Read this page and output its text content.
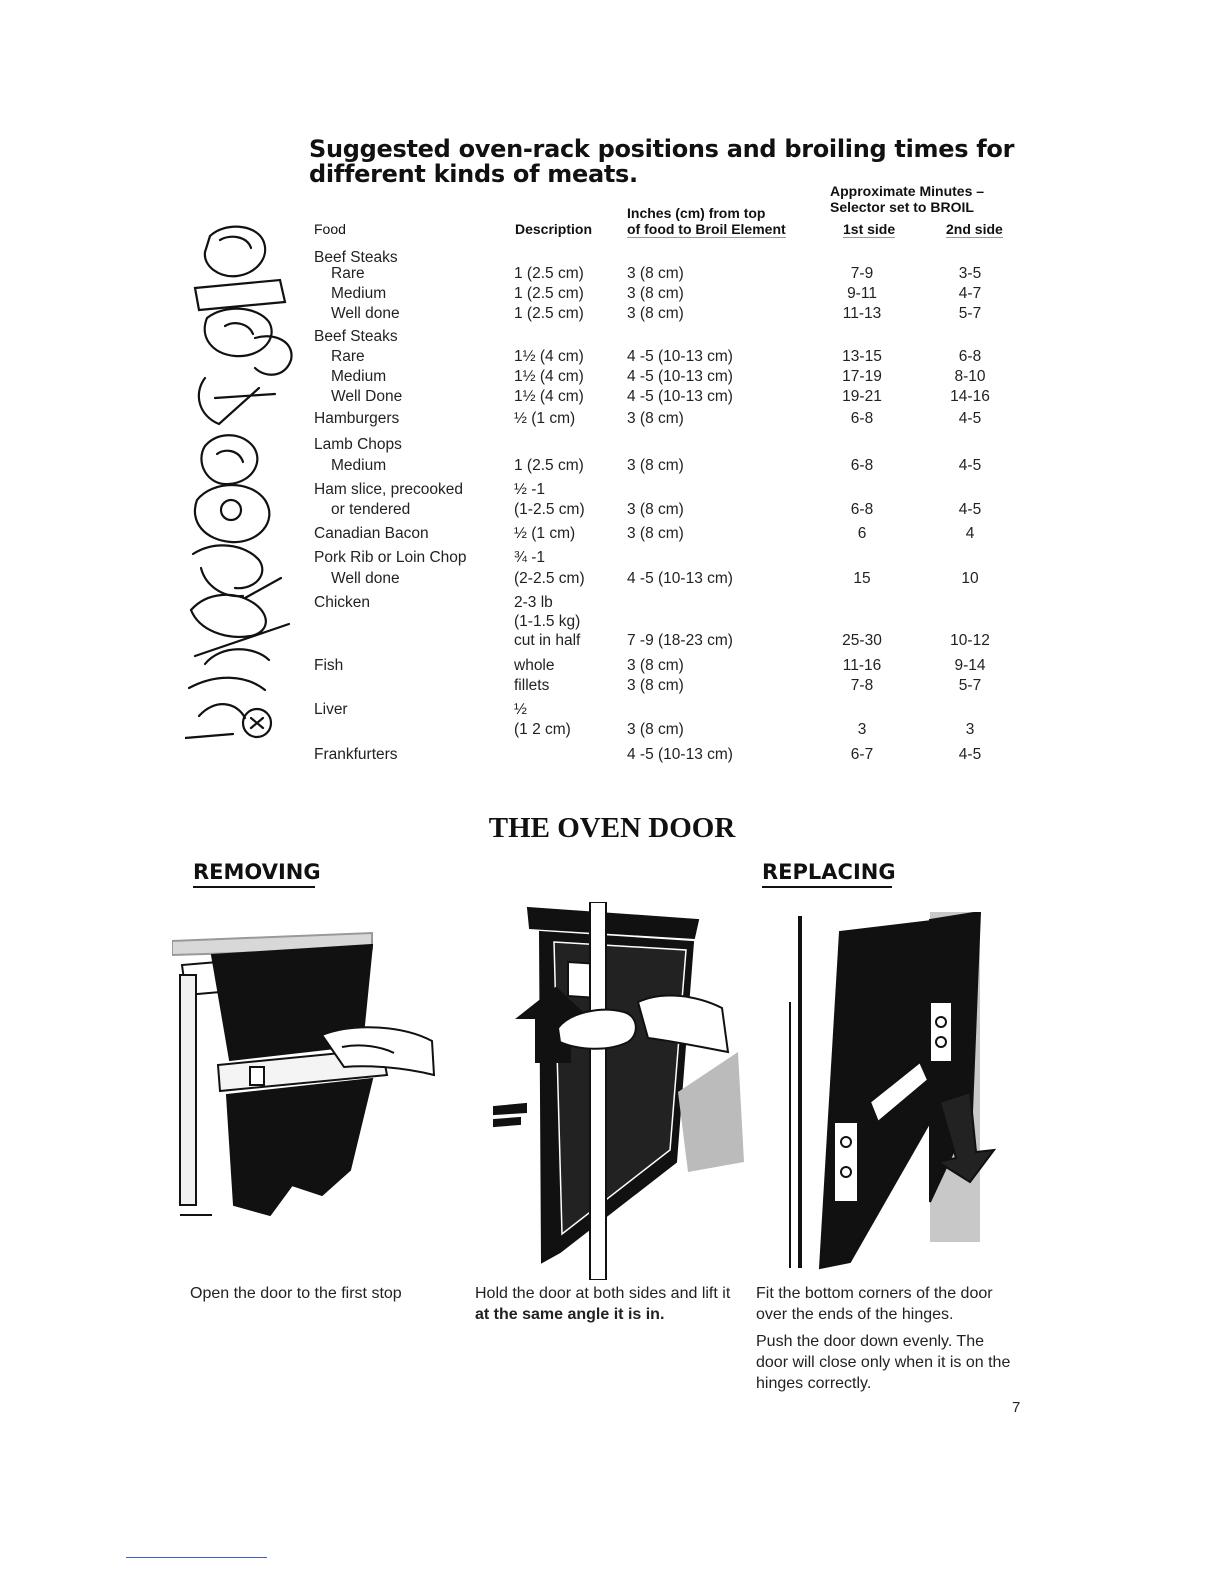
Suggested oven-rack positions and broiling times for different kinds of meats.
Approximate Minutes –
Selector set to BROIL
Inches (cm) from top
of food to Broil Element
Food	Description	1st side	2nd side
Beef Steaks
Rare	1 (2.5 cm)	3 (8 cm)	7-9	3-5
Medium	1 (2.5 cm)	3 (8 cm)	9-11	4-7
Well done	1 (2.5 cm)	3 (8 cm)	11-13	5-7
Beef Steaks
Rare	1½ (4 cm)	4 -5 (10-13 cm)	13-15	6-8
Medium	1½ (4 cm)	4 -5 (10-13 cm)	17-19	8-10
Well Done	1½ (4 cm)	4 -5 (10-13 cm)	19-21	14-16
Hamburgers	½ (1 cm)	3 (8 cm)	6-8	4-5
Lamb Chops
Medium	1 (2.5 cm)	3 (8 cm)	6-8	4-5
Ham slice, precooked	½ -1
or tendered	(1-2.5 cm)	3 (8 cm)	6-8	4-5
Canadian Bacon	½ (1 cm)	3 (8 cm)	6	4
Pork Rib or Loin Chop	¾ -1
Well done	(2-2.5 cm)	4 -5 (10-13 cm)	15	10
Chicken	2-3 lb
(1-1.5 kg)
cut in half	7 -9 (18-23 cm)	25-30	10-12
Fish	whole	3 (8 cm)	11-16	9-14
fillets	3 (8 cm)	7-8	5-7
Liver	½
(1 2 cm)	3 (8 cm)	3	3
Frankfurters	4 -5 (10-13 cm)	6-7	4-5
THE OVEN DOOR
REMOVING	REPLACING
Open the door to the first stop	Hold the door at both sides and lift it at the same angle it is in.
Fit the bottom corners of the door over the ends of the hinges.
Push the door down evenly. The door will close only when it is on the hinges correctly.
7
